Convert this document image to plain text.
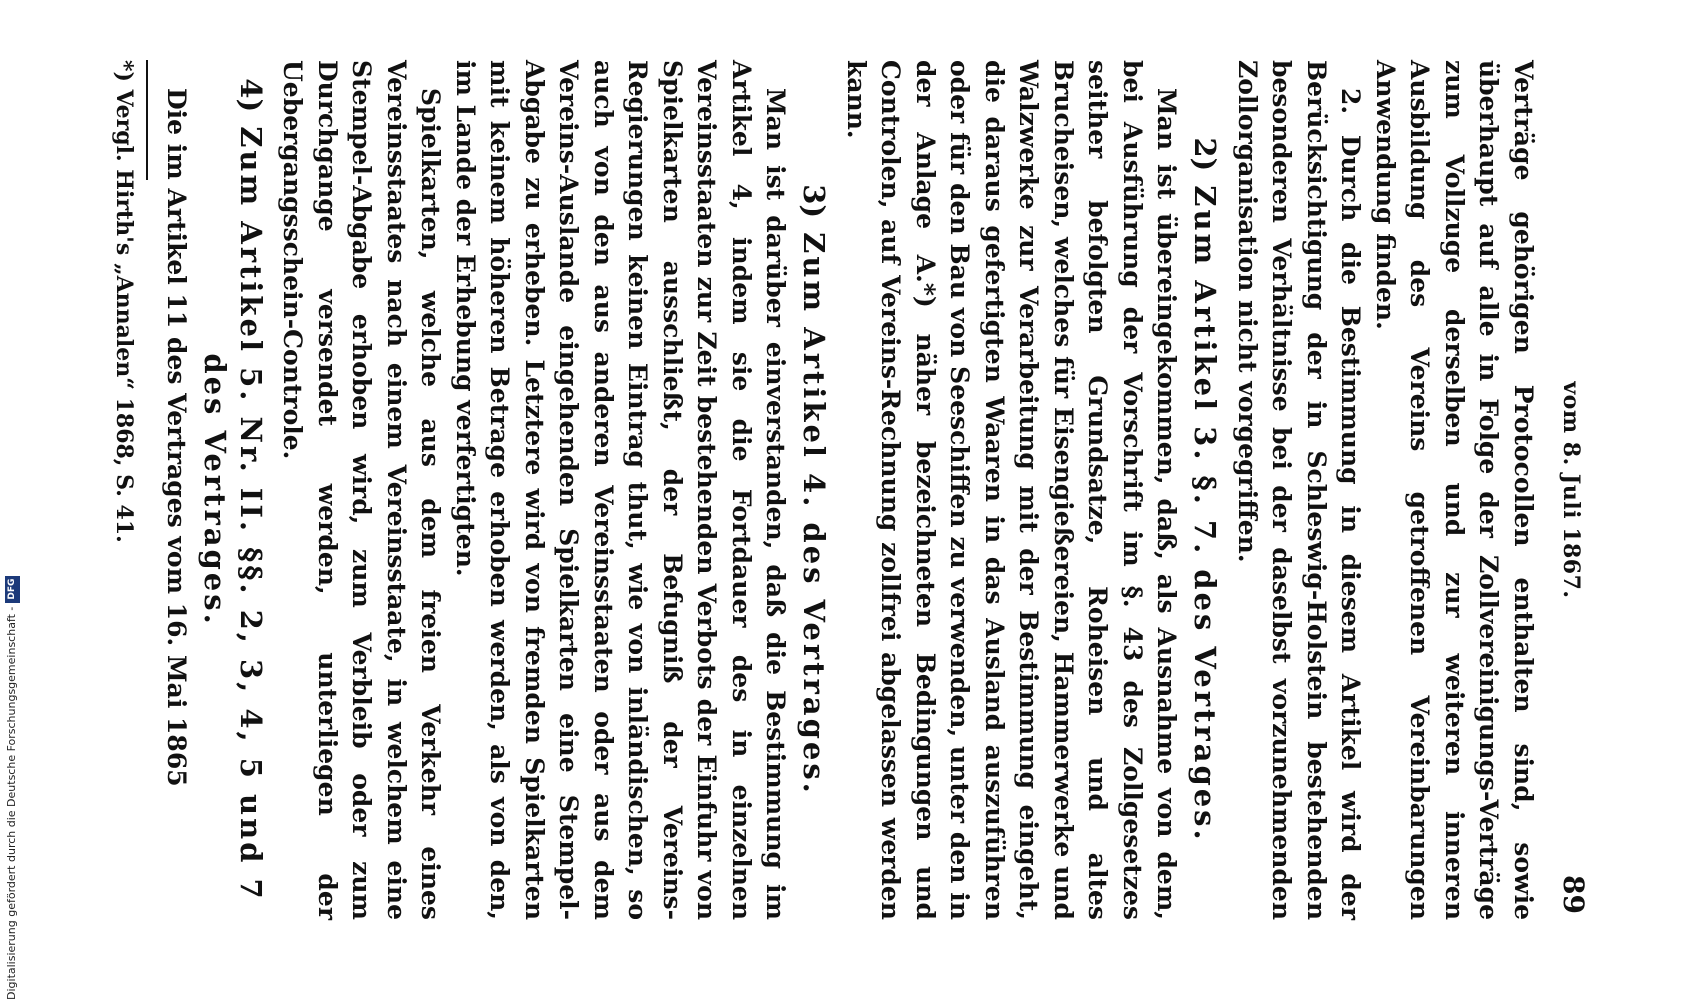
vom 8. Juli 1867.
89

Verträge gehörigen Protocollen enthalten sind, sowie überhaupt auf alle in Folge der Zollvereinigungs-Verträge zum Vollzuge derselben und zur weiteren inneren Ausbildung des Vereins getroffenen Vereinbarungen Anwendung finden.

2. Durch die Bestimmung in diesem Artikel wird der Berücksichtigung der in Schleswig-Holstein bestehenden besonderen Verhältnisse bei der daselbst vorzunehmenden Zollorganisation nicht vorgegriffen.

2)Zum Artikel 3. §. 7. des Vertrages.

Man ist übereingekommen, daß, als Ausnahme von dem, bei Ausführung der Vorschrift im §. 43 des Zollgesetzes seither befolgten Grundsatze, Roheisen und altes Brucheisen, welches für Eisengießereien, Hammerwerke und Walzwerke zur Verarbeitung mit der Bestimmung eingeht, die daraus gefertigten Waaren in das Ausland auszuführen oder für den Bau von Seeschiffen zu verwenden, unter den in der Anlage A.*) näher bezeichneten Bedingungen und Controlen, auf Vereins-Rechnung zollfrei abgelassen werden kann.

3)Zum Artikel 4. des Vertrages.

Man ist darüber einverstanden, daß die Bestimmung im Artikel 4, indem sie die Fortdauer des in einzelnen Vereinsstaaten zur Zeit bestehenden Verbots der Einfuhr von Spielkarten ausschließt, der Befugniß der Vereins-Regierungen keinen Eintrag thut, wie von inländischen, so auch von den aus anderen Vereinsstaaten oder aus dem Vereins-Auslande eingehenden Spielkarten eine Stempel-Abgabe zu erheben. Letztere wird von fremden Spielkarten mit keinem höheren Betrage erhoben werden, als von den, im Lande der Erhebung verfertigten.

Spielkarten, welche aus dem freien Verkehr eines Vereinsstaates nach einem Vereinsstaate, in welchem eine Stempel-Abgabe erhoben wird, zum Verbleib oder zum Durchgange versendet werden, unterliegen der Uebergangsschein-Controle.

4)Zum Artikel 5. Nr. II. §§. 2, 3, 4, 5 und 7
des Vertrages.

Die im Artikel 11 des Vertrages vom 16. Mai 1865

*) Vergl. Hirth's „Annalen“ 1868, S. 41.
Digitalisierung gefördert durch die Deutsche Forschungsgemeinschaft -
DFG
